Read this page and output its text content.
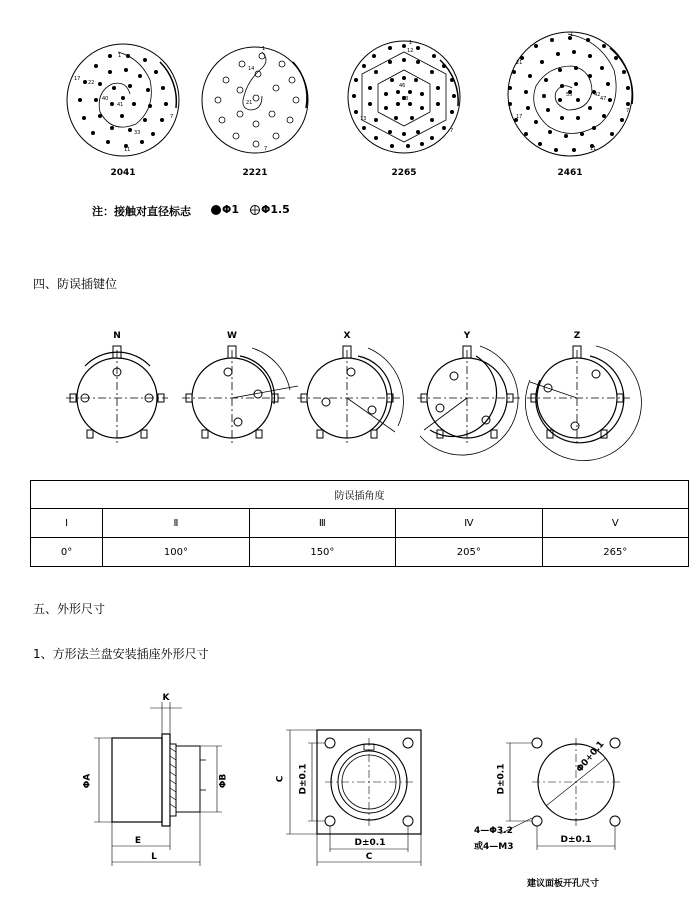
1
17
22
40
41
33
7
11
1
14
21
7
12
13
1
46
53
7
1
21
17
42
47
7
11
55
2041	2221	2265	2461
注：接触对直径标志	Φ1 Φ1.5
四、防误插键位
N	W	X	Y	Z
防误插角度				
Ⅰ	Ⅱ	Ⅲ	Ⅳ	Ⅴ
0°	100°	150°	205°	265°
五、外形尺寸
1、方形法兰盘安装插座外形尺寸
K
ΦA	ΦB
E
L
C D±0.1
D±0.1
C
D±0.1
Φ0+0.1
D±0.1
4—Φ3.2
或4—M3
建议面板开孔尺寸
